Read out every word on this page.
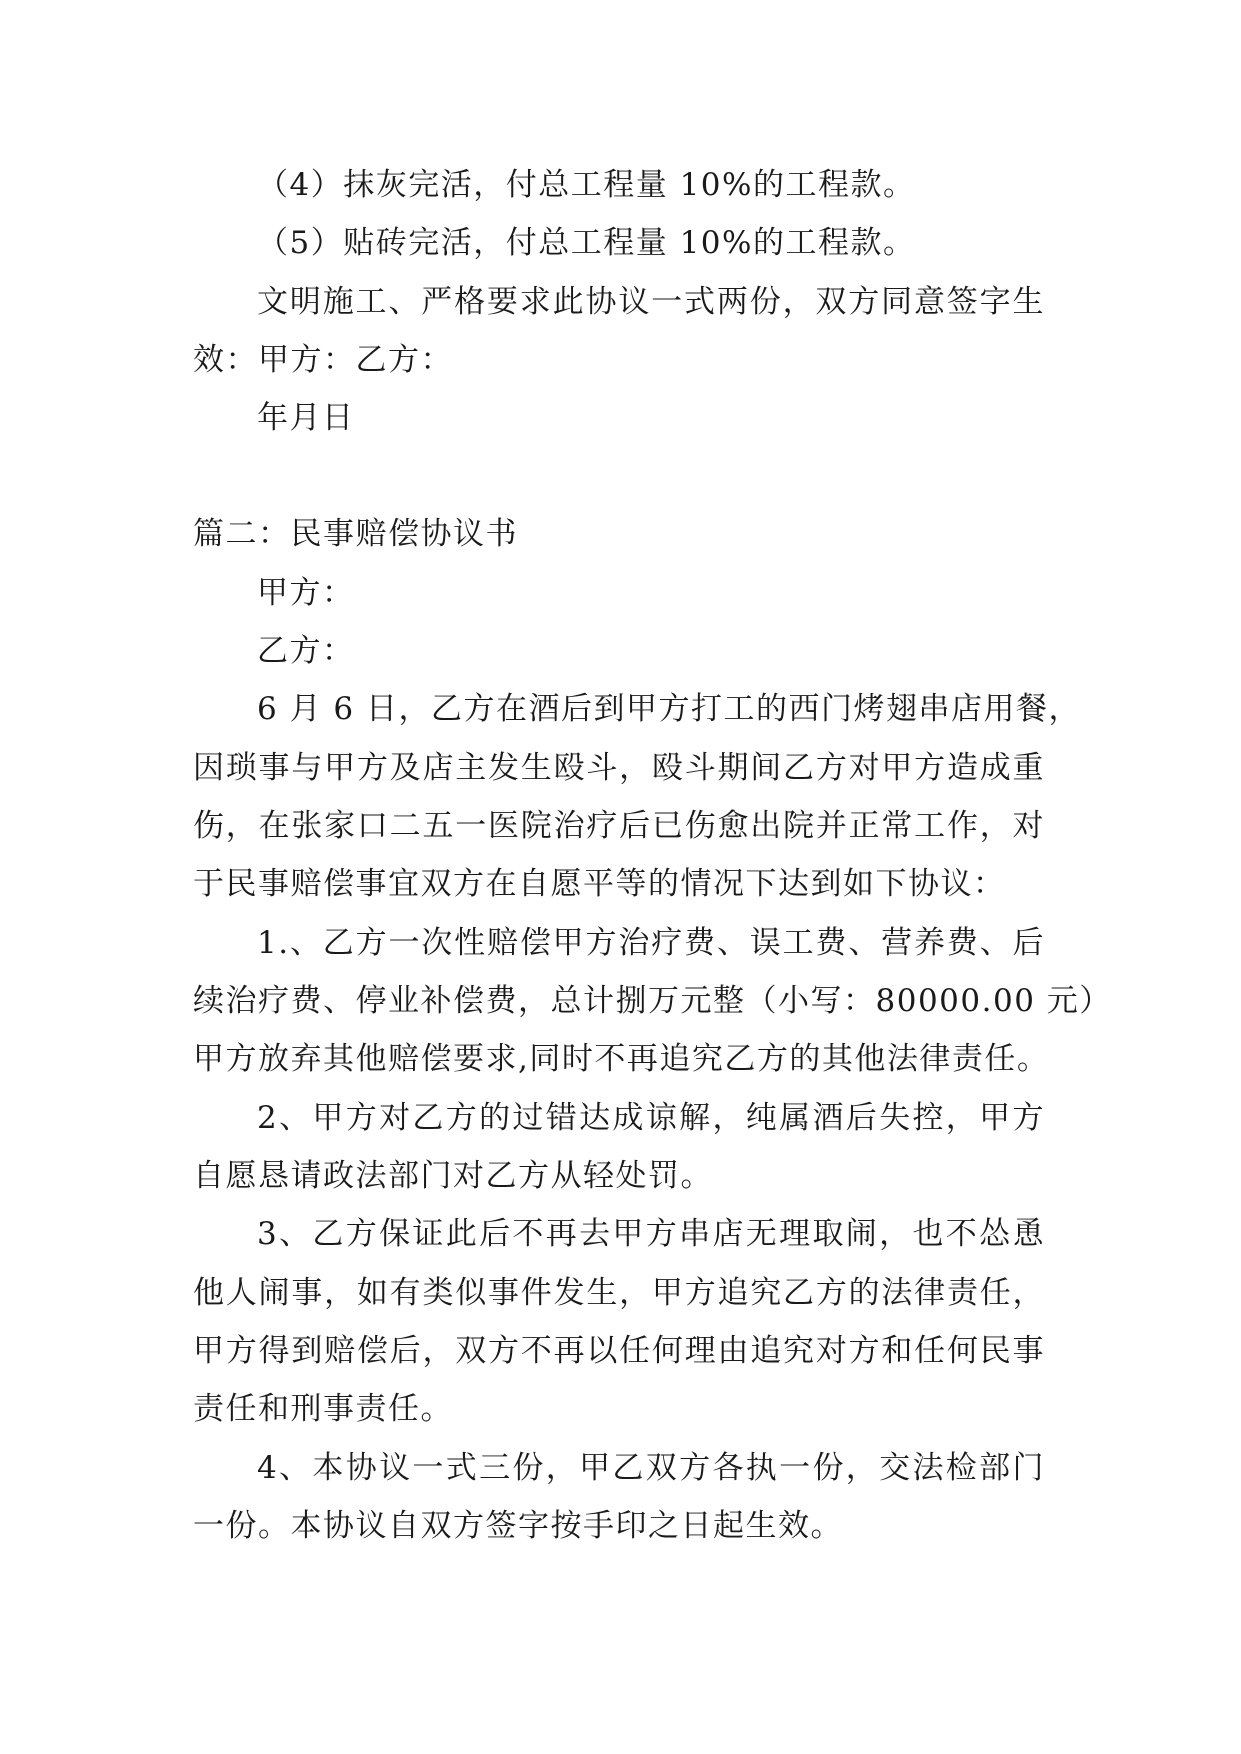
（4）抹灰完活，付总工程量 10%的工程款。
（5）贴砖完活，付总工程量 10%的工程款。
文明施工、严格要求此协议一式两份，双方同意签字生
效：甲方：乙方：
年月日
篇二：民事赔偿协议书
甲方：
乙方：
6 月 6 日，乙方在酒后到甲方打工的西门烤翅串店用餐，
因琐事与甲方及店主发生殴斗，殴斗期间乙方对甲方造成重
伤，在张家口二五一医院治疗后已伤愈出院并正常工作，对
于民事赔偿事宜双方在自愿平等的情况下达到如下协议：
1.、乙方一次性赔偿甲方治疗费、误工费、营养费、后
续治疗费、停业补偿费，总计捌万元整（小写：80000.00 元）
甲方放弃其他赔偿要求,同时不再追究乙方的其他法律责任。
2、甲方对乙方的过错达成谅解，纯属酒后失控，甲方
自愿恳请政法部门对乙方从轻处罚。
3、乙方保证此后不再去甲方串店无理取闹，也不怂恿
他人闹事，如有类似事件发生，甲方追究乙方的法律责任，
甲方得到赔偿后，双方不再以任何理由追究对方和任何民事
责任和刑事责任。
4、本协议一式三份，甲乙双方各执一份，交法检部门
一份。本协议自双方签字按手印之日起生效。
